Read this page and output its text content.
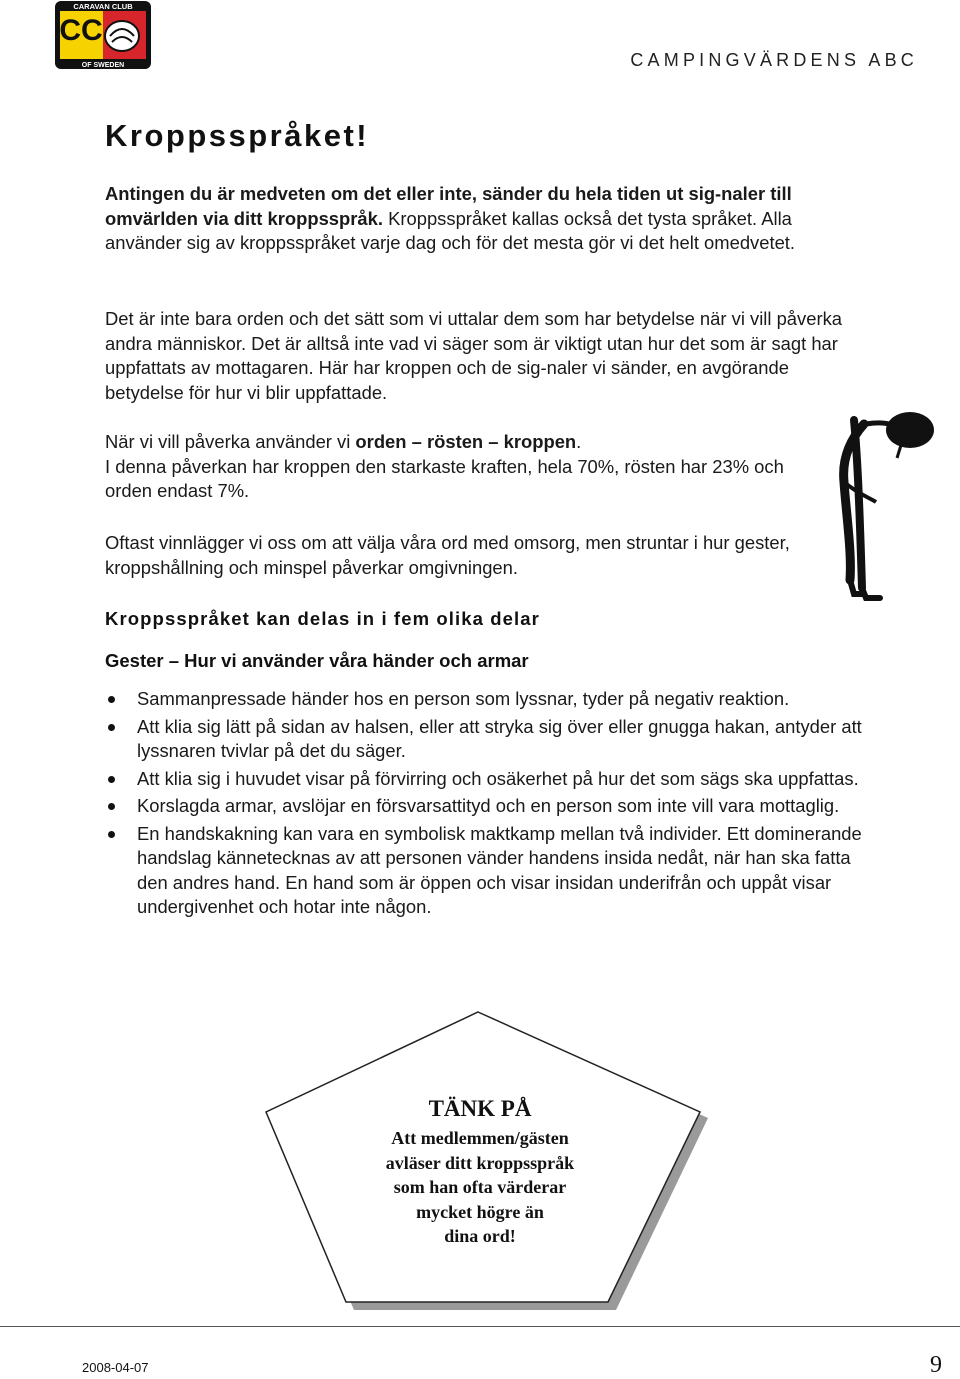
CARAVAN CLUB
CC
OF SWEDEN	CAMPINGVÄRDENS ABC
Kroppsspråket!

Antingen du är medveten om det eller inte, sänder du hela tiden ut sig-naler till omvärlden via ditt kroppsspråk. Kroppsspråket kallas också det tysta språket. Alla använder sig av kroppsspråket varje dag och för det mesta gör vi det helt omedvetet.

Det är inte bara orden och det sätt som vi uttalar dem som har betydelse när vi vill påverka andra människor. Det är alltså inte vad vi säger som är viktigt utan hur det som är sagt har uppfattats av mottagaren. Här har kroppen och de sig-naler vi sänder, en avgörande betydelse för hur vi blir uppfattade.

När vi vill påverka använder vi orden – rösten – kroppen.
I denna påverkan har kroppen den starkaste kraften, hela 70%, rösten har 23% och orden endast 7%.

Oftast vinnlägger vi oss om att välja våra ord med omsorg, men struntar i hur gester, kroppshållning och minspel påverkar omgivningen.

Kroppsspråket kan delas in i fem olika delar
Gester – Hur vi använder våra händer och armar
Sammanpressade händer hos en person som lyssnar, tyder på negativ reaktion.
Att klia sig lätt på sidan av halsen, eller att stryka sig över eller gnugga hakan, antyder att lyssnaren tvivlar på det du säger.
Att klia sig i huvudet visar på förvirring och osäkerhet på hur det som sägs ska uppfattas.
Korslagda armar, avslöjar en försvarsattityd och en person som inte vill vara mottaglig.
En handskakning kan vara en symbolisk maktkamp mellan två individer. Ett dominerande handslag kännetecknas av att personen vänder handens insida nedåt, när han ska fatta den andres hand. En hand som är öppen och visar insidan underifrån och uppåt visar undergivenhet och hotar inte någon.
TÄNK PÅ
Att medlemmen/gästen
avläser ditt kroppsspråk
som han ofta värderar
mycket högre än
dina ord!
2008-04-07	9
